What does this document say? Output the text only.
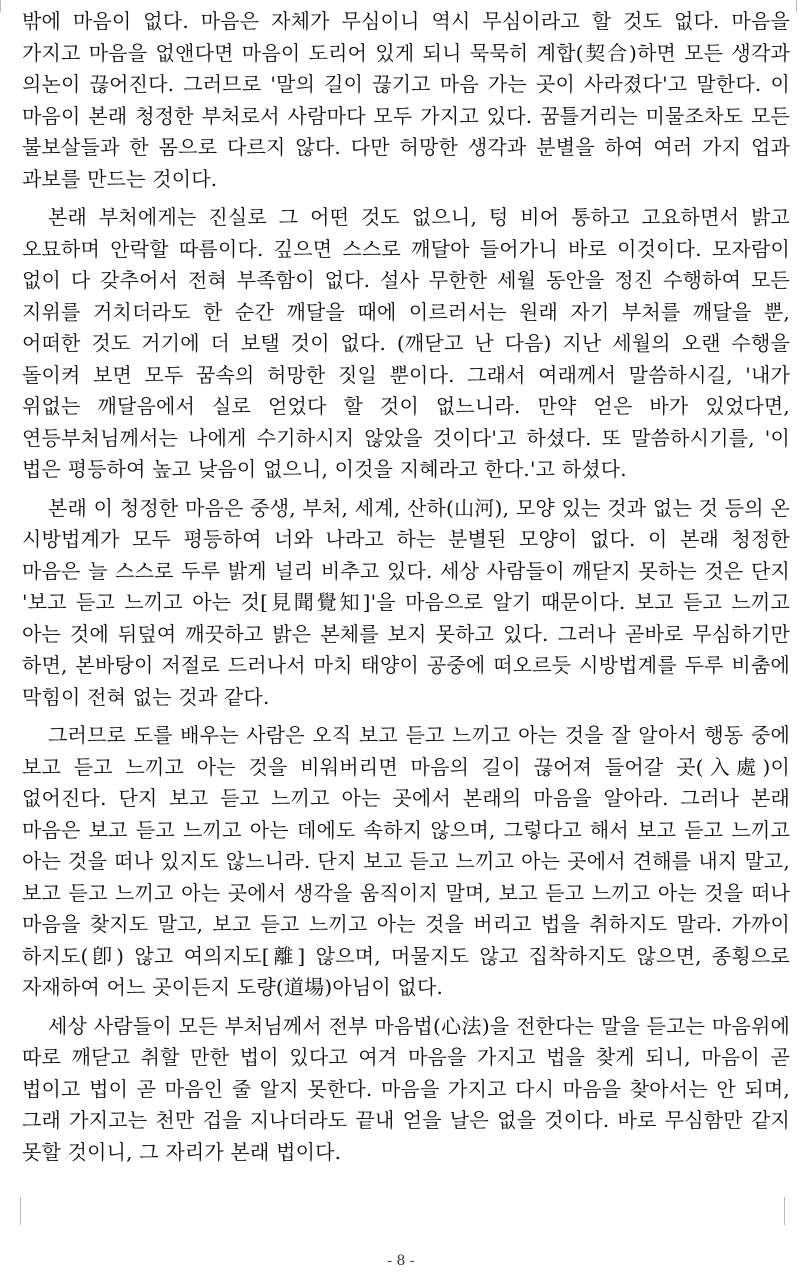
밖에 마음이 없다. 마음은 자체가 무심이니 역시 무심이라고 할 것도 없다. 마음을 가지고 마음을 없앤다면 마음이 도리어 있게 되니 묵묵히 계합(契合)하면 모든 생각과 의논이 끊어진다. 그러므로 '말의 길이 끊기고 마음 가는 곳이 사라졌다'고 말한다. 이 마음이 본래 청정한 부처로서 사람마다 모두 가지고 있다. 꿈틀거리는 미물조차도 모든 불보살들과 한 몸으로 다르지 않다. 다만 허망한 생각과 분별을 하여 여러 가지 업과 과보를 만드는 것이다.

본래 부처에게는 진실로 그 어떤 것도 없으니, 텅 비어 통하고 고요하면서 밝고 오묘하며 안락할 따름이다. 깊으면 스스로 깨달아 들어가니 바로 이것이다. 모자람이 없이 다 갖추어서 전혀 부족함이 없다. 설사 무한한 세월 동안을 정진 수행하여 모든 지위를 거치더라도 한 순간 깨달을 때에 이르러서는 원래 자기 부처를 깨달을 뿐, 어떠한 것도 거기에 더 보탤 것이 없다. (깨닫고 난 다음) 지난 세월의 오랜 수행을 돌이켜 보면 모두 꿈속의 허망한 짓일 뿐이다. 그래서 여래께서 말씀하시길, '내가 위없는 깨달음에서 실로 얻었다 할 것이 없느니라. 만약 얻은 바가 있었다면, 연등부처님께서는 나에게 수기하시지 않았을 것이다'고 하셨다. 또 말씀하시기를, '이 법은 평등하여 높고 낮음이 없으니, 이것을 지혜라고 한다.'고 하셨다.

본래 이 청정한 마음은 중생, 부처, 세계, 산하(山河), 모양 있는 것과 없는 것 등의 온 시방법계가 모두 평등하여 너와 나라고 하는 분별된 모양이 없다. 이 본래 청정한 마음은 늘 스스로 두루 밝게 널리 비추고 있다. 세상 사람들이 깨닫지 못하는 것은 단지 '보고 듣고 느끼고 아는 것[見聞覺知]'을 마음으로 알기 때문이다. 보고 듣고 느끼고 아는 것에 뒤덮여 깨끗하고 밝은 본체를 보지 못하고 있다. 그러나 곧바로 무심하기만 하면, 본바탕이 저절로 드러나서 마치 태양이 공중에 떠오르듯 시방법계를 두루 비춤에 막힘이 전혀 없는 것과 같다.

그러므로 도를 배우는 사람은 오직 보고 듣고 느끼고 아는 것을 잘 알아서 행동 중에 보고 듣고 느끼고 아는 것을 비워버리면 마음의 길이 끊어져 들어갈 곳(入處)이 없어진다. 단지 보고 듣고 느끼고 아는 곳에서 본래의 마음을 알아라. 그러나 본래 마음은 보고 듣고 느끼고 아는 데에도 속하지 않으며, 그렇다고 해서 보고 듣고 느끼고 아는 것을 떠나 있지도 않느니라. 단지 보고 듣고 느끼고 아는 곳에서 견해를 내지 말고, 보고 듣고 느끼고 아는 곳에서 생각을 움직이지 말며, 보고 듣고 느끼고 아는 것을 떠나 마음을 찾지도 말고, 보고 듣고 느끼고 아는 것을 버리고 법을 취하지도 말라. 가까이 하지도(卽) 않고 여의지도[離] 않으며, 머물지도 않고 집착하지도 않으면, 종횡으로 자재하여 어느 곳이든지 도량(道場)아님이 없다.

세상 사람들이 모든 부처님께서 전부 마음법(心法)을 전한다는 말을 듣고는 마음위에 따로 깨닫고 취할 만한 법이 있다고 여겨 마음을 가지고 법을 찾게 되니, 마음이 곧 법이고 법이 곧 마음인 줄 알지 못한다. 마음을 가지고 다시 마음을 찾아서는 안 되며, 그래 가지고는 천만 겁을 지나더라도 끝내 얻을 날은 없을 것이다. 바로 무심함만 같지 못할 것이니, 그 자리가 본래 법이다.

- 8 -
